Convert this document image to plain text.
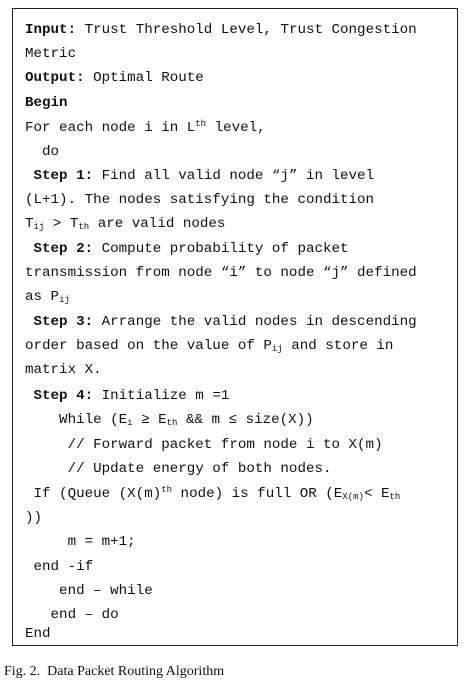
Input: Trust Threshold Level, Trust Congestion
Metric
Output: Optimal Route
Begin
For each node i in Lth level,
do
Step 1: Find all valid node “j” in level
(L+1). The nodes satisfying the condition
$T_{ij} > T_{th}$ are valid nodes
Step 2: Compute probability of packet
transmission from node “i” to node “j” defined
as $P_{ij}$
Step 3: Arrange the valid nodes in descending
order based on the value of $P_{ij}$ and store in
matrix X.
Step 4: Initialize m =1
While ($E_i \ge E_{th}$ && m ≤ size(X))
// Forward packet from node i to X(m)
// Update energy of both nodes.
If (Queue ($X(m)^{th}$ node) is full OR ($E_{X(m)}< E_{th}$
))
m = m+1;
end -if
end – while
end – do
End
Fig. 2.  Data Packet Routing Algorithm
